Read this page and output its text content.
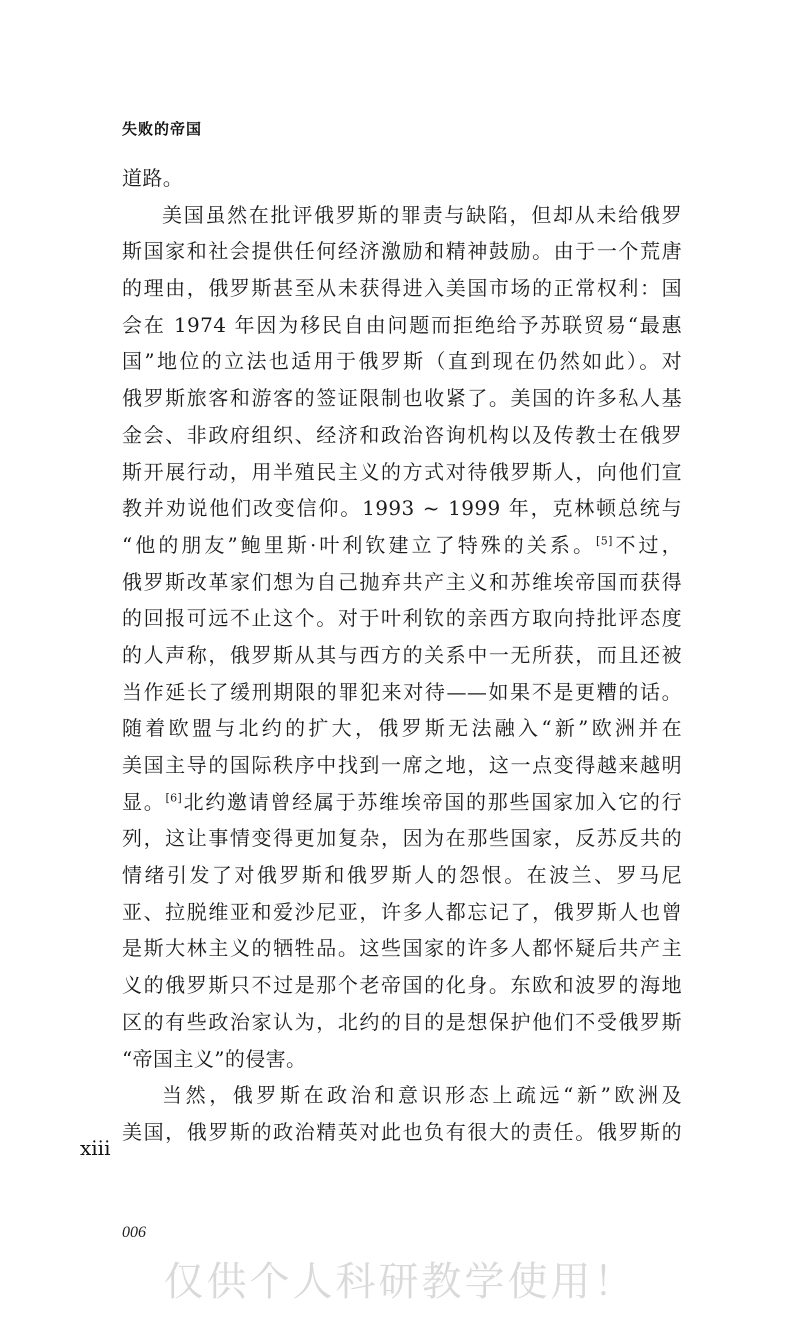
失败的帝国
道路。
美国虽然在批评俄罗斯的罪责与缺陷，但却从未给俄罗
斯国家和社会提供任何经济激励和精神鼓励。由于一个荒唐
的理由，俄罗斯甚至从未获得进入美国市场的正常权利：国
会在 1974 年因为移民自由问题而拒绝给予苏联贸易“最惠
国”地位的立法也适用于俄罗斯（直到现在仍然如此）。对
俄罗斯旅客和游客的签证限制也收紧了。美国的许多私人基
金会、非政府组织、经济和政治咨询机构以及传教士在俄罗
斯开展行动，用半殖民主义的方式对待俄罗斯人，向他们宣
教并劝说他们改变信仰。1993 ~ 1999 年，克林顿总统与
“他的朋友”鲍里斯·叶利钦建立了特殊的关系。[5]不过，
俄罗斯改革家们想为自己抛弃共产主义和苏维埃帝国而获得
的回报可远不止这个。对于叶利钦的亲西方取向持批评态度
的人声称，俄罗斯从其与西方的关系中一无所获，而且还被
当作延长了缓刑期限的罪犯来对待——如果不是更糟的话。
随着欧盟与北约的扩大，俄罗斯无法融入“新”欧洲并在
美国主导的国际秩序中找到一席之地，这一点变得越来越明
显。[6]北约邀请曾经属于苏维埃帝国的那些国家加入它的行
列，这让事情变得更加复杂，因为在那些国家，反苏反共的
情绪引发了对俄罗斯和俄罗斯人的怨恨。在波兰、罗马尼
亚、拉脱维亚和爱沙尼亚，许多人都忘记了，俄罗斯人也曾
是斯大林主义的牺牲品。这些国家的许多人都怀疑后共产主
义的俄罗斯只不过是那个老帝国的化身。东欧和波罗的海地
区的有些政治家认为，北约的目的是想保护他们不受俄罗斯
“帝国主义”的侵害。
当然，俄罗斯在政治和意识形态上疏远“新”欧洲及
美国，俄罗斯的政治精英对此也负有很大的责任。俄罗斯的
xiii
006
仅供个人科研教学使用！
